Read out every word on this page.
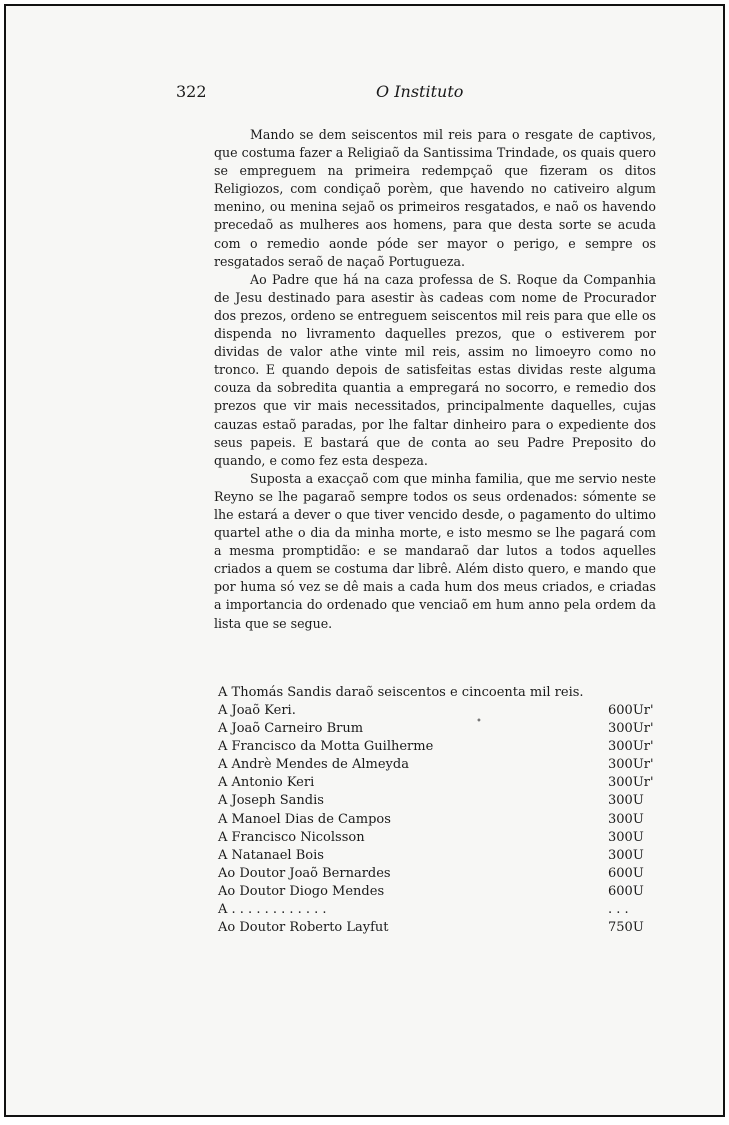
322	O Instituto

Mando se dem seiscentos mil reis para o resgate de captivos, que costuma fazer a Religiaõ da Santissima Trindade, os quais quero se empreguem na primeira redempçaõ que fizeram os ditos Religiozos, com condiçaõ porèm, que havendo no cativeiro algum menino, ou menina sejaõ os primeiros resgatados, e naõ os havendo precedaõ as mulheres aos homens, para que desta sorte se acuda com o remedio aonde póde ser mayor o perigo, e sempre os resgatados seraõ de naçaõ Portugueza.

Ao Padre que há na caza professa de S. Roque da Companhia de Jesu destinado para asestir às cadeas com nome de Procurador dos prezos, ordeno se entreguem seiscentos mil reis para que elle os dispenda no livramento daquelles prezos, que o estiverem por dividas de valor athe vinte mil reis, assim no limoeyro como no tronco. E quando depois de satisfeitas estas dividas reste alguma couza da sobredita quantia a empregará no socorro, e remedio dos prezos que vir mais necessitados, principalmente daquelles, cujas cauzas estaõ paradas, por lhe faltar dinheiro para o expediente dos seus papeis. E bastará que de conta ao seu Padre Preposito do quando, e como fez esta despeza.

Suposta a exacçaõ com que minha familia, que me servio neste Reyno se lhe pagaraõ sempre todos os seus ordenados: sómente se lhe estará a dever o que tiver vencido desde, o pagamento do ultimo quartel athe o dia da minha morte, e isto mesmo se lhe pagará com a mesma promptidão: e se mandaraõ dar lutos a todos aquelles criados a quem se costuma dar librê. Além disto quero, e mando que por huma só vez se dê mais a cada hum dos meus criados, e criadas a importancia do ordenado que venciaõ em hum anno pela ordem da lista que se segue.

A Thomás Sandis daraõ seiscentos e cincoenta mil reis.
A Joaõ Keri.	600Ur'
A Joaõ Carneiro Brum	300Ur'
A Francisco da Motta Guilherme	300Ur'
A Andrè Mendes de Almeyda	300Ur'
A Antonio Keri	300Ur'
A Joseph Sandis	300U
A Manoel Dias de Campos	300U
A Francisco Nicolsson	300U
A Natanael Bois	300U
Ao Doutor Joaõ Bernardes	600U
Ao Doutor Diogo Mendes	600U
A . . . . . . . . . . . .	. . .
Ao Doutor Roberto Layfut	750U
•
